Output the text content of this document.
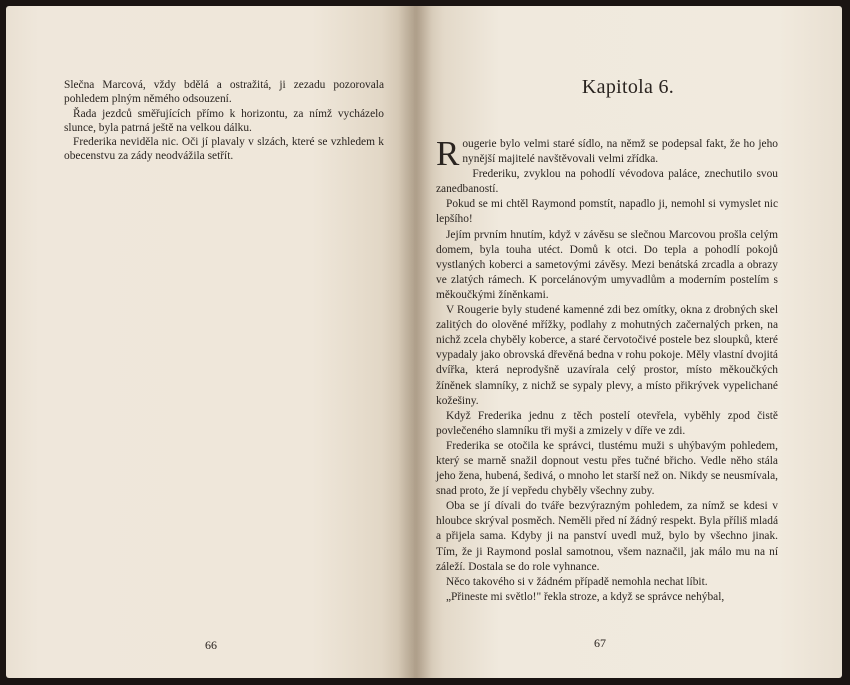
Slečna Marcová, vždy bdělá a ostražitá, ji zezadu pozorovala pohledem plným němého odsouzení.

Řada jezdců směřujících přímo k horizontu, za nímž vycházelo slunce, byla patrná ještě na velkou dálku.

Frederika neviděla nic. Oči jí plavaly v slzách, které se vzhledem k obecenstvu za zády neodvážila setřít.

66
Kapitola 6.

Rougerie bylo velmi staré sídlo, na němž se podepsal fakt, že ho jeho nynější majitelé navštěvovali velmi zřídka.

Frederiku, zvyklou na pohodlí vévodova paláce, znechutilo svou zanedbaností.

Pokud se mi chtěl Raymond pomstít, napadlo ji, nemohl si vymyslet nic lepšího!

Jejím prvním hnutím, když v závěsu se slečnou Marcovou prošla celým domem, byla touha utéct. Domů k otci. Do tepla a pohodlí pokojů vystlaných koberci a sametovými závěsy. Mezi benátská zrcadla a obrazy ve zlatých rámech. K porcelánovým umyvadlům a moderním postelím s měkoučkými žíněnkami.

V Rougerie byly studené kamenné zdi bez omítky, okna z drobných skel zalitých do olověné mřížky, podlahy z mohutných začernalých prken, na nichž zcela chyběly koberce, a staré červotočivé postele bez sloupků, které vypadaly jako obrovská dřevěná bedna v rohu pokoje. Měly vlastní dvojitá dvířka, která neprodyšně uzavírala celý prostor, místo měkoučkých žíněnek slamníky, z nichž se sypaly plevy, a místo přikrývek vypelichané kožešiny.

Když Frederika jednu z těch postelí otevřela, vyběhly zpod čistě povlečeného slamníku tři myši a zmizely v díře ve zdi.

Frederika se otočila ke správci, tlustému muži s uhýbavým pohledem, který se marně snažil dopnout vestu přes tučné břicho. Vedle něho stála jeho žena, hubená, šedivá, o mnoho let starší než on. Nikdy se neusmívala, snad proto, že jí vepředu chyběly všechny zuby.

Oba se jí dívali do tváře bezvýrazným pohledem, za nímž se kdesi v hloubce skrýval posměch. Neměli před ní žádný respekt. Byla příliš mladá a přijela sama. Kdyby ji na panství uvedl muž, bylo by všechno jinak. Tím, že ji Raymond poslal samotnou, všem naznačil, jak málo mu na ní záleží. Dostala se do role vyhnance.

Něco takového si v žádném případě nemohla nechat líbit.

„Přineste mi světlo!" řekla stroze, a když se správce nehýbal,

67
